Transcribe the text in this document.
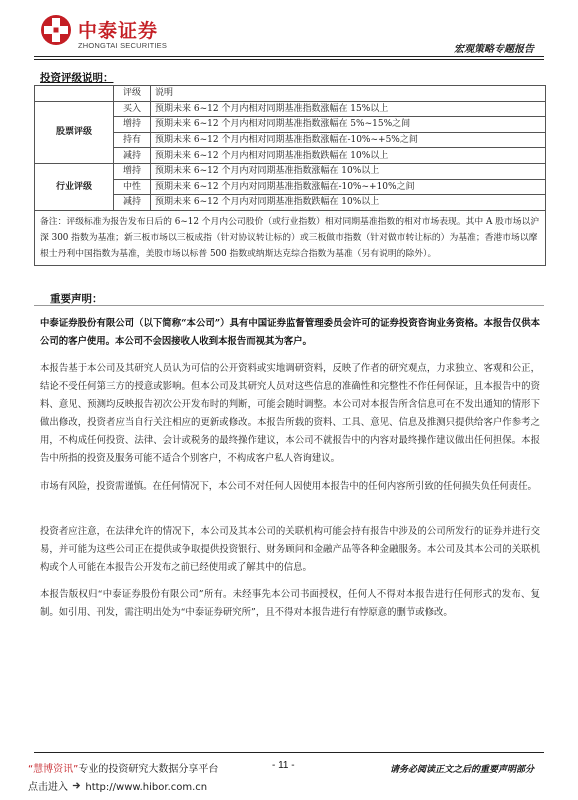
中泰证券
ZHONGTAI SECURITIES	宏观策略专题报告
投资评级说明：
	评级	说明
股票评级	买入	预期未来 6~12 个月内相对同期基准指数涨幅在 15%以上
	增持	预期未来 6~12 个月内相对同期基准指数涨幅在 5%~15%之间
	持有	预期未来 6~12 个月内相对同期基准指数涨幅在-10%~+5%之间
	减持	预期未来 6~12 个月内相对同期基准指数跌幅在 10%以上
行业评级	增持	预期未来 6~12 个月内对同期基准指数涨幅在 10%以上
	中性	预期未来 6~12 个月内对同期基准指数涨幅在-10%~+10%之间
	减持	预期未来 6~12 个月内对同期基准指数跌幅在 10%以上
备注：评级标准为报告发布日后的 6~12 个月内公司股价（或行业指数）相对同期基准指数的相对市场表现。其中 A 股市场以沪深 300 指数为基准；新三板市场以三板成指（针对协议转让标的）或三板做市指数（针对做市转让标的）为基准；香港市场以摩根士丹利中国指数为基准，美股市场以标普 500 指数或纳斯达克综合指数为基准（另有说明的除外）。		
重要声明：
中泰证券股份有限公司（以下简称“本公司”）具有中国证券监督管理委员会许可的证券投资咨询业务资格。本报告仅供本公司的客户使用。本公司不会因接收人收到本报告而视其为客户。
本报告基于本公司及其研究人员认为可信的公开资料或实地调研资料，反映了作者的研究观点，力求独立、客观和公正，结论不受任何第三方的授意或影响。但本公司及其研究人员对这些信息的准确性和完整性不作任何保证，且本报告中的资料、意见、预测均反映报告初次公开发布时的判断，可能会随时调整。本公司对本报告所含信息可在不发出通知的情形下做出修改，投资者应当自行关注相应的更新或修改。本报告所载的资料、工具、意见、信息及推测只提供给客户作参考之用，不构成任何投资、法律、会计或税务的最终操作建议，本公司不就报告中的内容对最终操作建议做出任何担保。本报告中所指的投资及服务可能不适合个别客户，不构成客户私人咨询建议。
市场有风险，投资需谨慎。在任何情况下，本公司不对任何人因使用本报告中的任何内容所引致的任何损失负任何责任。
投资者应注意，在法律允许的情况下，本公司及其本公司的关联机构可能会持有报告中涉及的公司所发行的证券并进行交易，并可能为这些公司正在提供或争取提供投资银行、财务顾问和金融产品等各种金融服务。本公司及其本公司的关联机构或个人可能在本报告公开发布之前已经使用或了解其中的信息。
本报告版权归“中泰证券股份有限公司”所有。未经事先本公司书面授权，任何人不得对本报告进行任何形式的发布、复制。如引用、刊发，需注明出处为“中泰证券研究所”，且不得对本报告进行有悖原意的删节或修改。
“慧博资讯”专业的投资研究大数据分享平台	- 11 -	请务必阅读正文之后的重要声明部分
点击进入 http://www.hibor.com.cn
